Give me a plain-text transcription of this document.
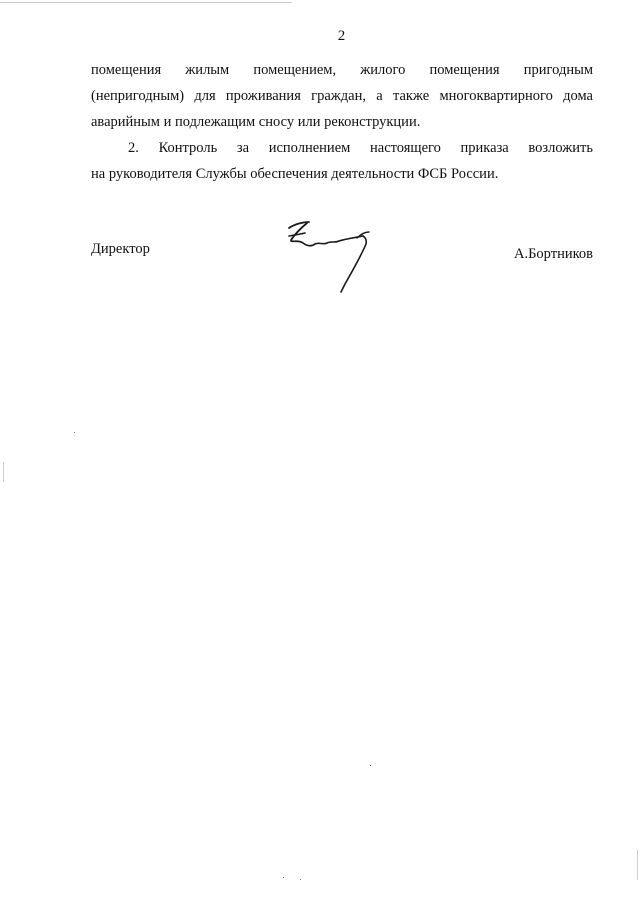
2

помещения жилым помещением, жилого помещения пригодным
(непригодным) для проживания граждан, а также многоквартирного дома
аварийным и подлежащим сносу или реконструкции.

2. Контроль за исполнением настоящего приказа возложить
на руководителя Службы обеспечения деятельности ФСБ России.

Директор	А.Бортников
